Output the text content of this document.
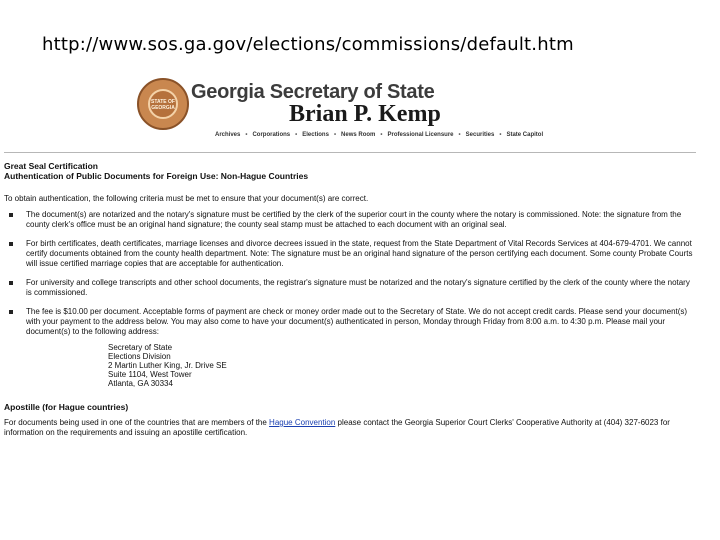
http://www.sos.ga.gov/elections/commissions/default.htm
STATE OF GEORGIA
Georgia Secretary of State
Brian P. Kemp
Archives • Corporations • Elections • News Room • Professional Licensure • Securities • State Capitol
Great Seal Certification
Authentication of Public Documents for Foreign Use: Non-Hague Countries
To obtain authentication, the following criteria must be met to ensure that your document(s) are correct.
The document(s) are notarized and the notary's signature must be certified by the clerk of the superior court in the county where the notary is commissioned. Note: the signature from the county clerk's office must be an original hand signature; the county seal stamp must be attached to each document with an original seal.
For birth certificates, death certificates, marriage licenses and divorce decrees issued in the state, request from the State Department of Vital Records Services at 404-679-4701. We cannot certify documents obtained from the county health department. Note: The signature must be an original hand signature of the person certifying each document. Some county Probate Courts will issue certified marriage copies that are acceptable for authentication.
For university and college transcripts and other school documents, the registrar's signature must be notarized and the notary's signature certified by the clerk of the county where the notary is commissioned.
The fee is $10.00 per document. Acceptable forms of payment are check or money order made out to the Secretary of State. We do not accept credit cards. Please send your document(s) with your payment to the address below. You may also come to have your document(s) authenticated in person, Monday through Friday from 8:00 a.m. to 4:30 p.m. Please mail your document(s) to the following address:
Secretary of State
Elections Division
2 Martin Luther King, Jr. Drive SE
Suite 1104, West Tower
Atlanta, GA 30334
Apostille (for Hague countries)
For documents being used in one of the countries that are members of the Hague Convention please contact the Georgia Superior Court Clerks' Cooperative Authority at (404) 327-6023 for information on the requirements and issuing an apostille certification.
